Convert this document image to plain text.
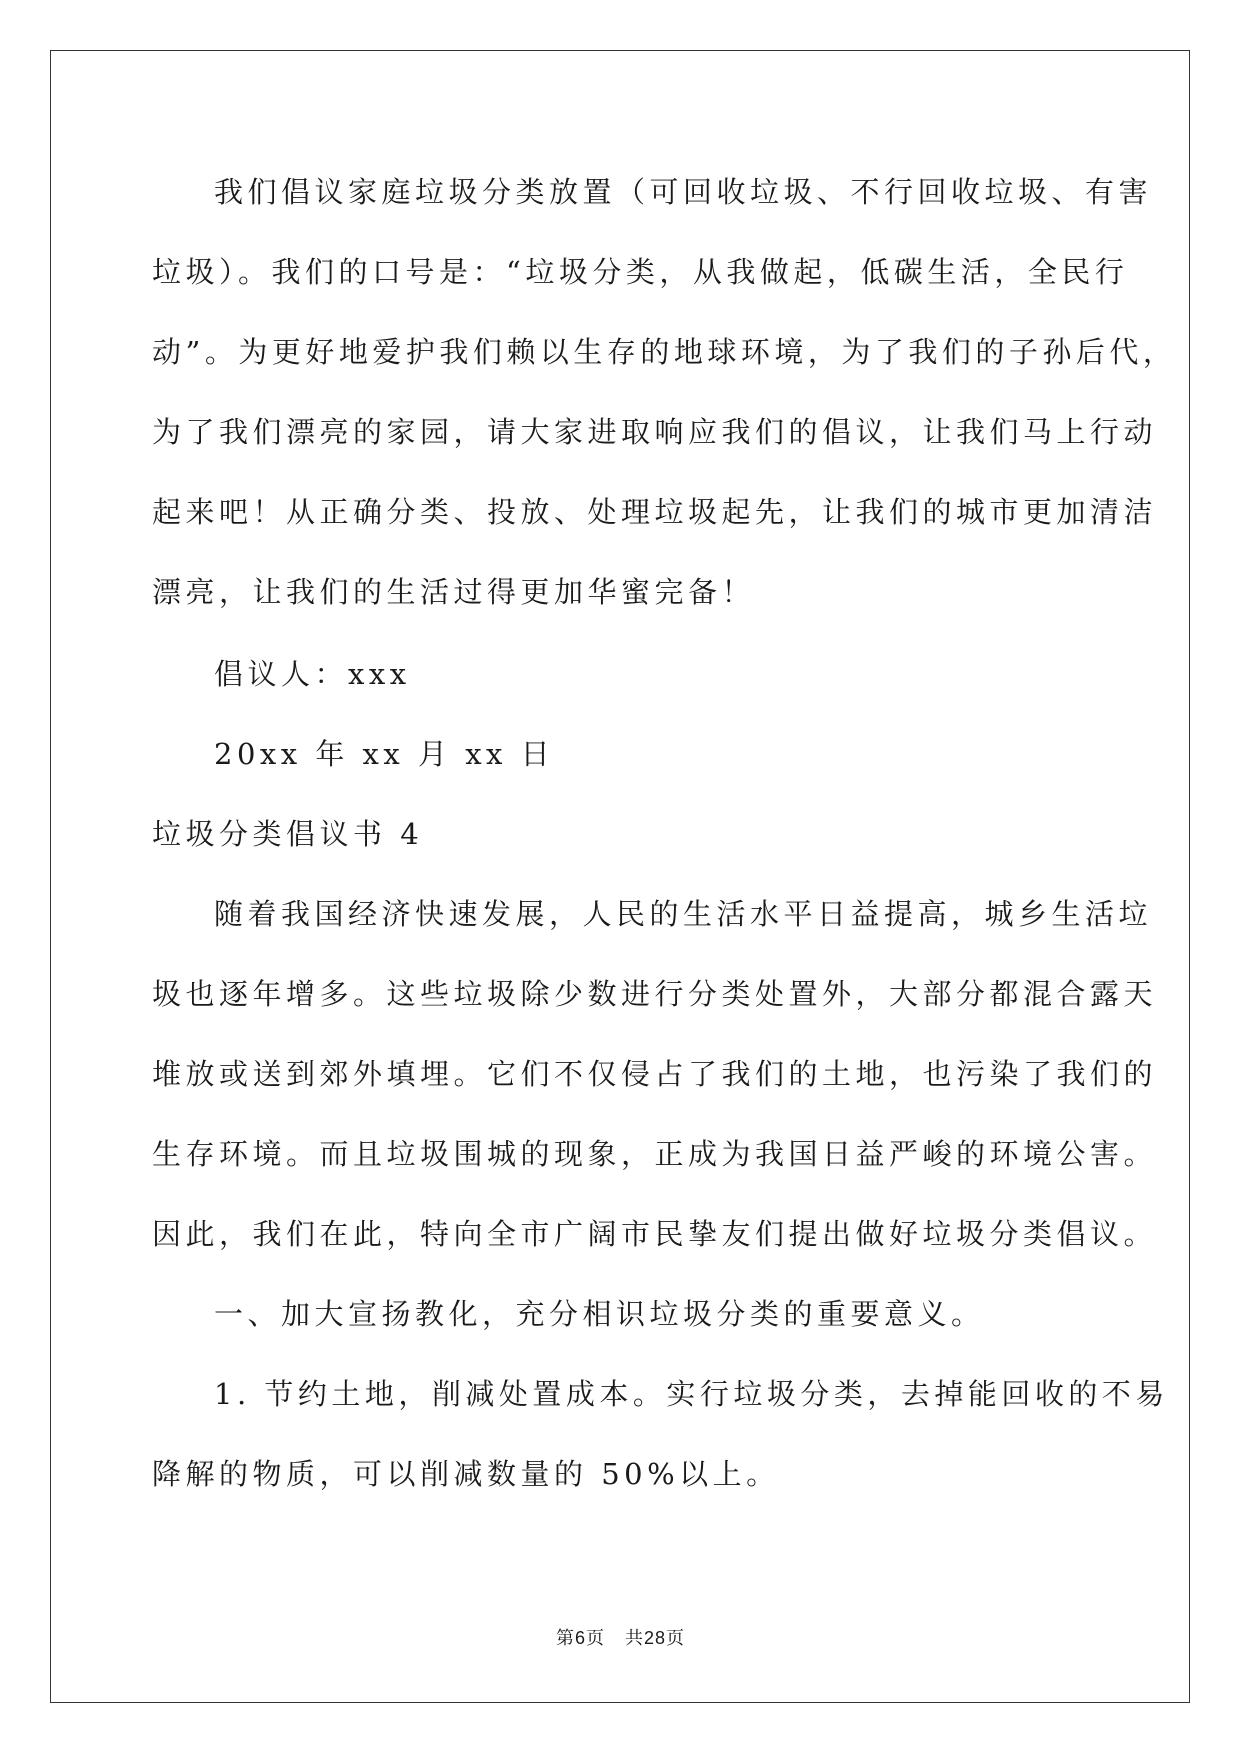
我们倡议家庭垃圾分类放置（可回收垃圾、不行回收垃圾、有害
垃圾）。我们的口号是：“垃圾分类，从我做起，低碳生活，全民行
动”。为更好地爱护我们赖以生存的地球环境，为了我们的子孙后代，
为了我们漂亮的家园，请大家进取响应我们的倡议，让我们马上行动
起来吧！从正确分类、投放、处理垃圾起先，让我们的城市更加清洁
漂亮，让我们的生活过得更加华蜜完备！
倡议人：xxx
20xx 年 xx 月 xx 日
垃圾分类倡议书 4
随着我国经济快速发展，人民的生活水平日益提高，城乡生活垃
圾也逐年增多。这些垃圾除少数进行分类处置外，大部分都混合露天
堆放或送到郊外填埋。它们不仅侵占了我们的土地，也污染了我们的
生存环境。而且垃圾围城的现象，正成为我国日益严峻的环境公害。
因此，我们在此，特向全市广阔市民挚友们提出做好垃圾分类倡议。
一、加大宣扬教化，充分相识垃圾分类的重要意义。
1. 节约土地，削减处置成本。实行垃圾分类，去掉能回收的不易
降解的物质，可以削减数量的 50%以上。
第6页 共28页
